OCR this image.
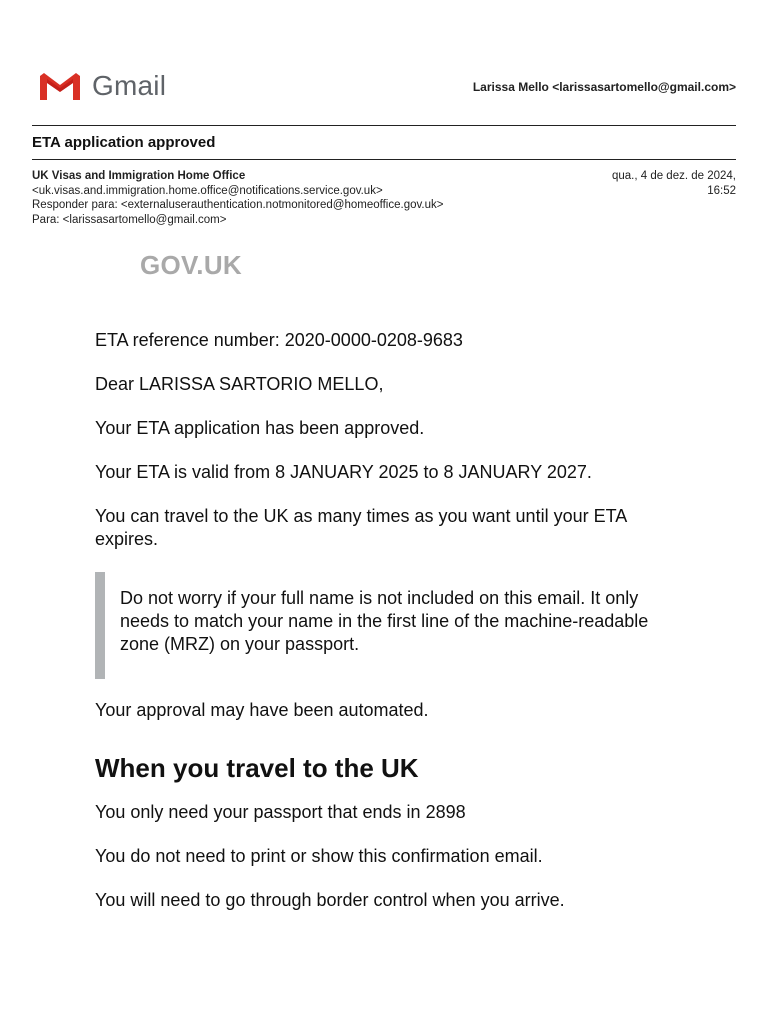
Gmail	Larissa Mello <larissasartomello@gmail.com>
ETA application approved
UK Visas and Immigration Home Office
<uk.visas.and.immigration.home.office@notifications.service.gov.uk>
Responder para: <externaluserauthentication.notmonitored@homeoffice.gov.uk>
Para: <larissasartomello@gmail.com>
qua., 4 de dez. de 2024,
16:52
GOV.UK

ETA reference number: 2020-0000-0208-9683

Dear LARISSA SARTORIO MELLO,

Your ETA application has been approved.

Your ETA is valid from 8 JANUARY 2025 to 8 JANUARY 2027.

You can travel to the UK as many times as you want until your ETA expires.

Do not worry if your full name is not included on this email. It only needs to match your name in the first line of the machine-readable zone (MRZ) on your passport.

Your approval may have been automated.

When you travel to the UK

You only need your passport that ends in 2898

You do not need to print or show this confirmation email.

You will need to go through border control when you arrive.
